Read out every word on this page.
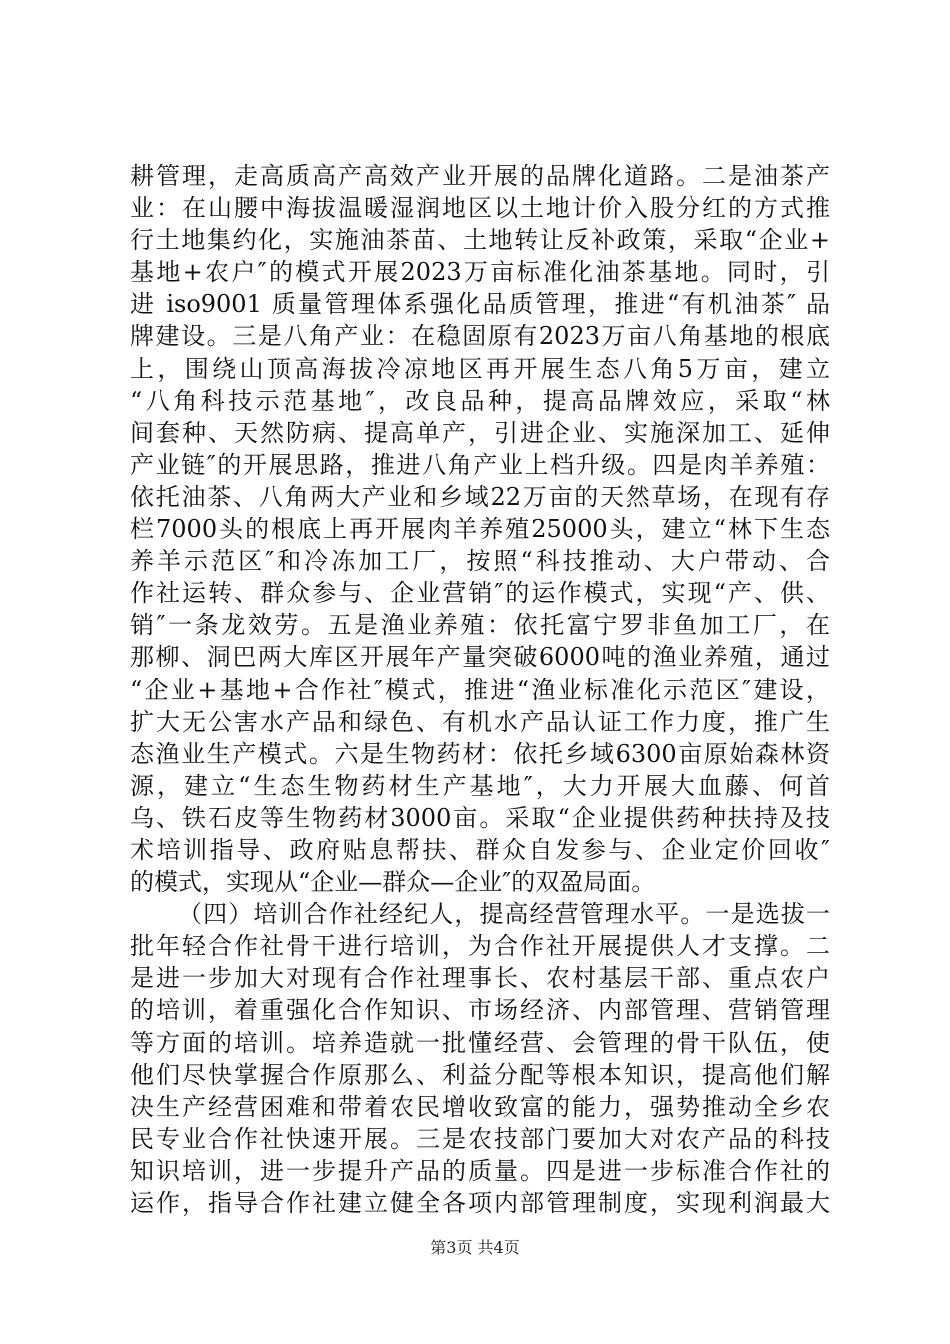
耕管理，走高质高产高效产业开展的品牌化道路。二是油茶产
业：在山腰中海拔温暖湿润地区以土地计价入股分红的方式推
行土地集约化，实施油茶苗、土地转让反补政策，采取“企业+
基地+农户″的模式开展2023万亩标准化油茶基地。同时，引
进 iso9001 质量管理体系强化品质管理，推进“有机油茶″ 品
牌建设。三是八角产业：在稳固原有2023万亩八角基地的根底
上，围绕山顶高海拔冷凉地区再开展生态八角5万亩，建立
“八角科技示范基地″，改良品种，提高品牌效应，采取“林
间套种、天然防病、提高单产，引进企业、实施深加工、延伸
产业链″的开展思路，推进八角产业上档升级。四是肉羊养殖：
依托油茶、八角两大产业和乡域22万亩的天然草场，在现有存
栏7000头的根底上再开展肉羊养殖25000头，建立“林下生态
养羊示范区″和冷冻加工厂，按照“科技推动、大户带动、合
作社运转、群众参与、企业营销″的运作模式，实现“产、供、
销″一条龙效劳。五是渔业养殖：依托富宁罗非鱼加工厂，在
那柳、洞巴两大库区开展年产量突破6000吨的渔业养殖，通过
“企业+基地+合作社″模式，推进“渔业标准化示范区″建设，
扩大无公害水产品和绿色、有机水产品认证工作力度，推广生
态渔业生产模式。六是生物药材：依托乡域6300亩原始森林资
源，建立“生态生物药材生产基地″，大力开展大血藤、何首
乌、铁石皮等生物药材3000亩。采取“企业提供药种扶持及技
术培训指导、政府贴息帮扶、群众自发参与、企业定价回收″
的模式，实现从“企业—群众—企业″的双盈局面。
（四）培训合作社经纪人，提高经营管理水平。一是选拔一
批年轻合作社骨干进行培训，为合作社开展提供人才支撑。二
是进一步加大对现有合作社理事长、农村基层干部、重点农户
的培训，着重强化合作知识、市场经济、内部管理、营销管理
等方面的培训。培养造就一批懂经营、会管理的骨干队伍，使
他们尽快掌握合作原那么、利益分配等根本知识，提高他们解
决生产经营困难和带着农民增收致富的能力，强势推动全乡农
民专业合作社快速开展。三是农技部门要加大对农产品的科技
知识培训，进一步提升产品的质量。四是进一步标准合作社的
运作，指导合作社建立健全各项内部管理制度，实现利润最大
第3页 共4页
